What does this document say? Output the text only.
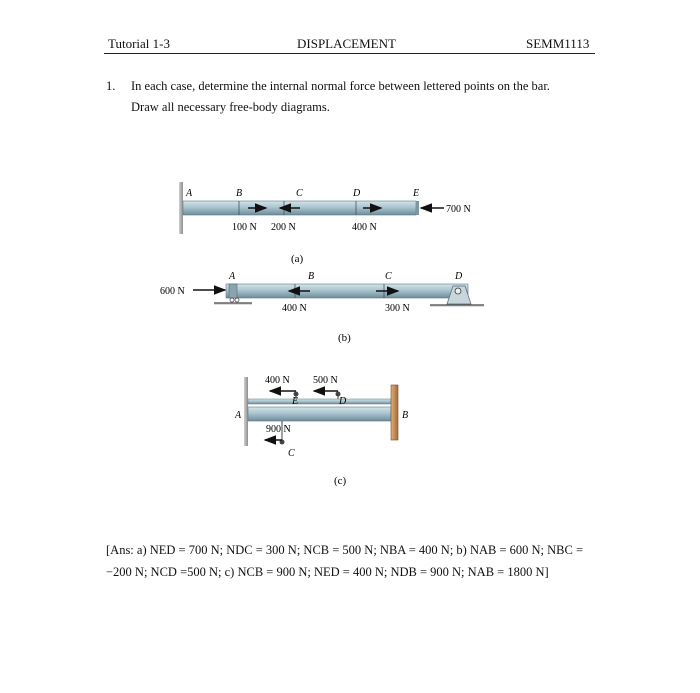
Tutorial 1-3	DISPLACEMENT	SEMM1113
1. In each case, determine the internal normal force between lettered points on the bar.
Draw all necessary free-body diagrams.
A	B	C	D	E
100 N 200 N	400 N
700 N
(a)
A	B	C	D
600 N
400 N	300 N
(b)
A	B
C
D
E
400 N 500 N
900 N
(c)
[Ans: a) NED = 700 N; NDC = 300 N; NCB = 500 N; NBA = 400 N; b) NAB = 600 N; NBC =
−200 N; NCD =500 N; c) NCB = 900 N; NED = 400 N; NDB = 900 N; NAB = 1800 N]
